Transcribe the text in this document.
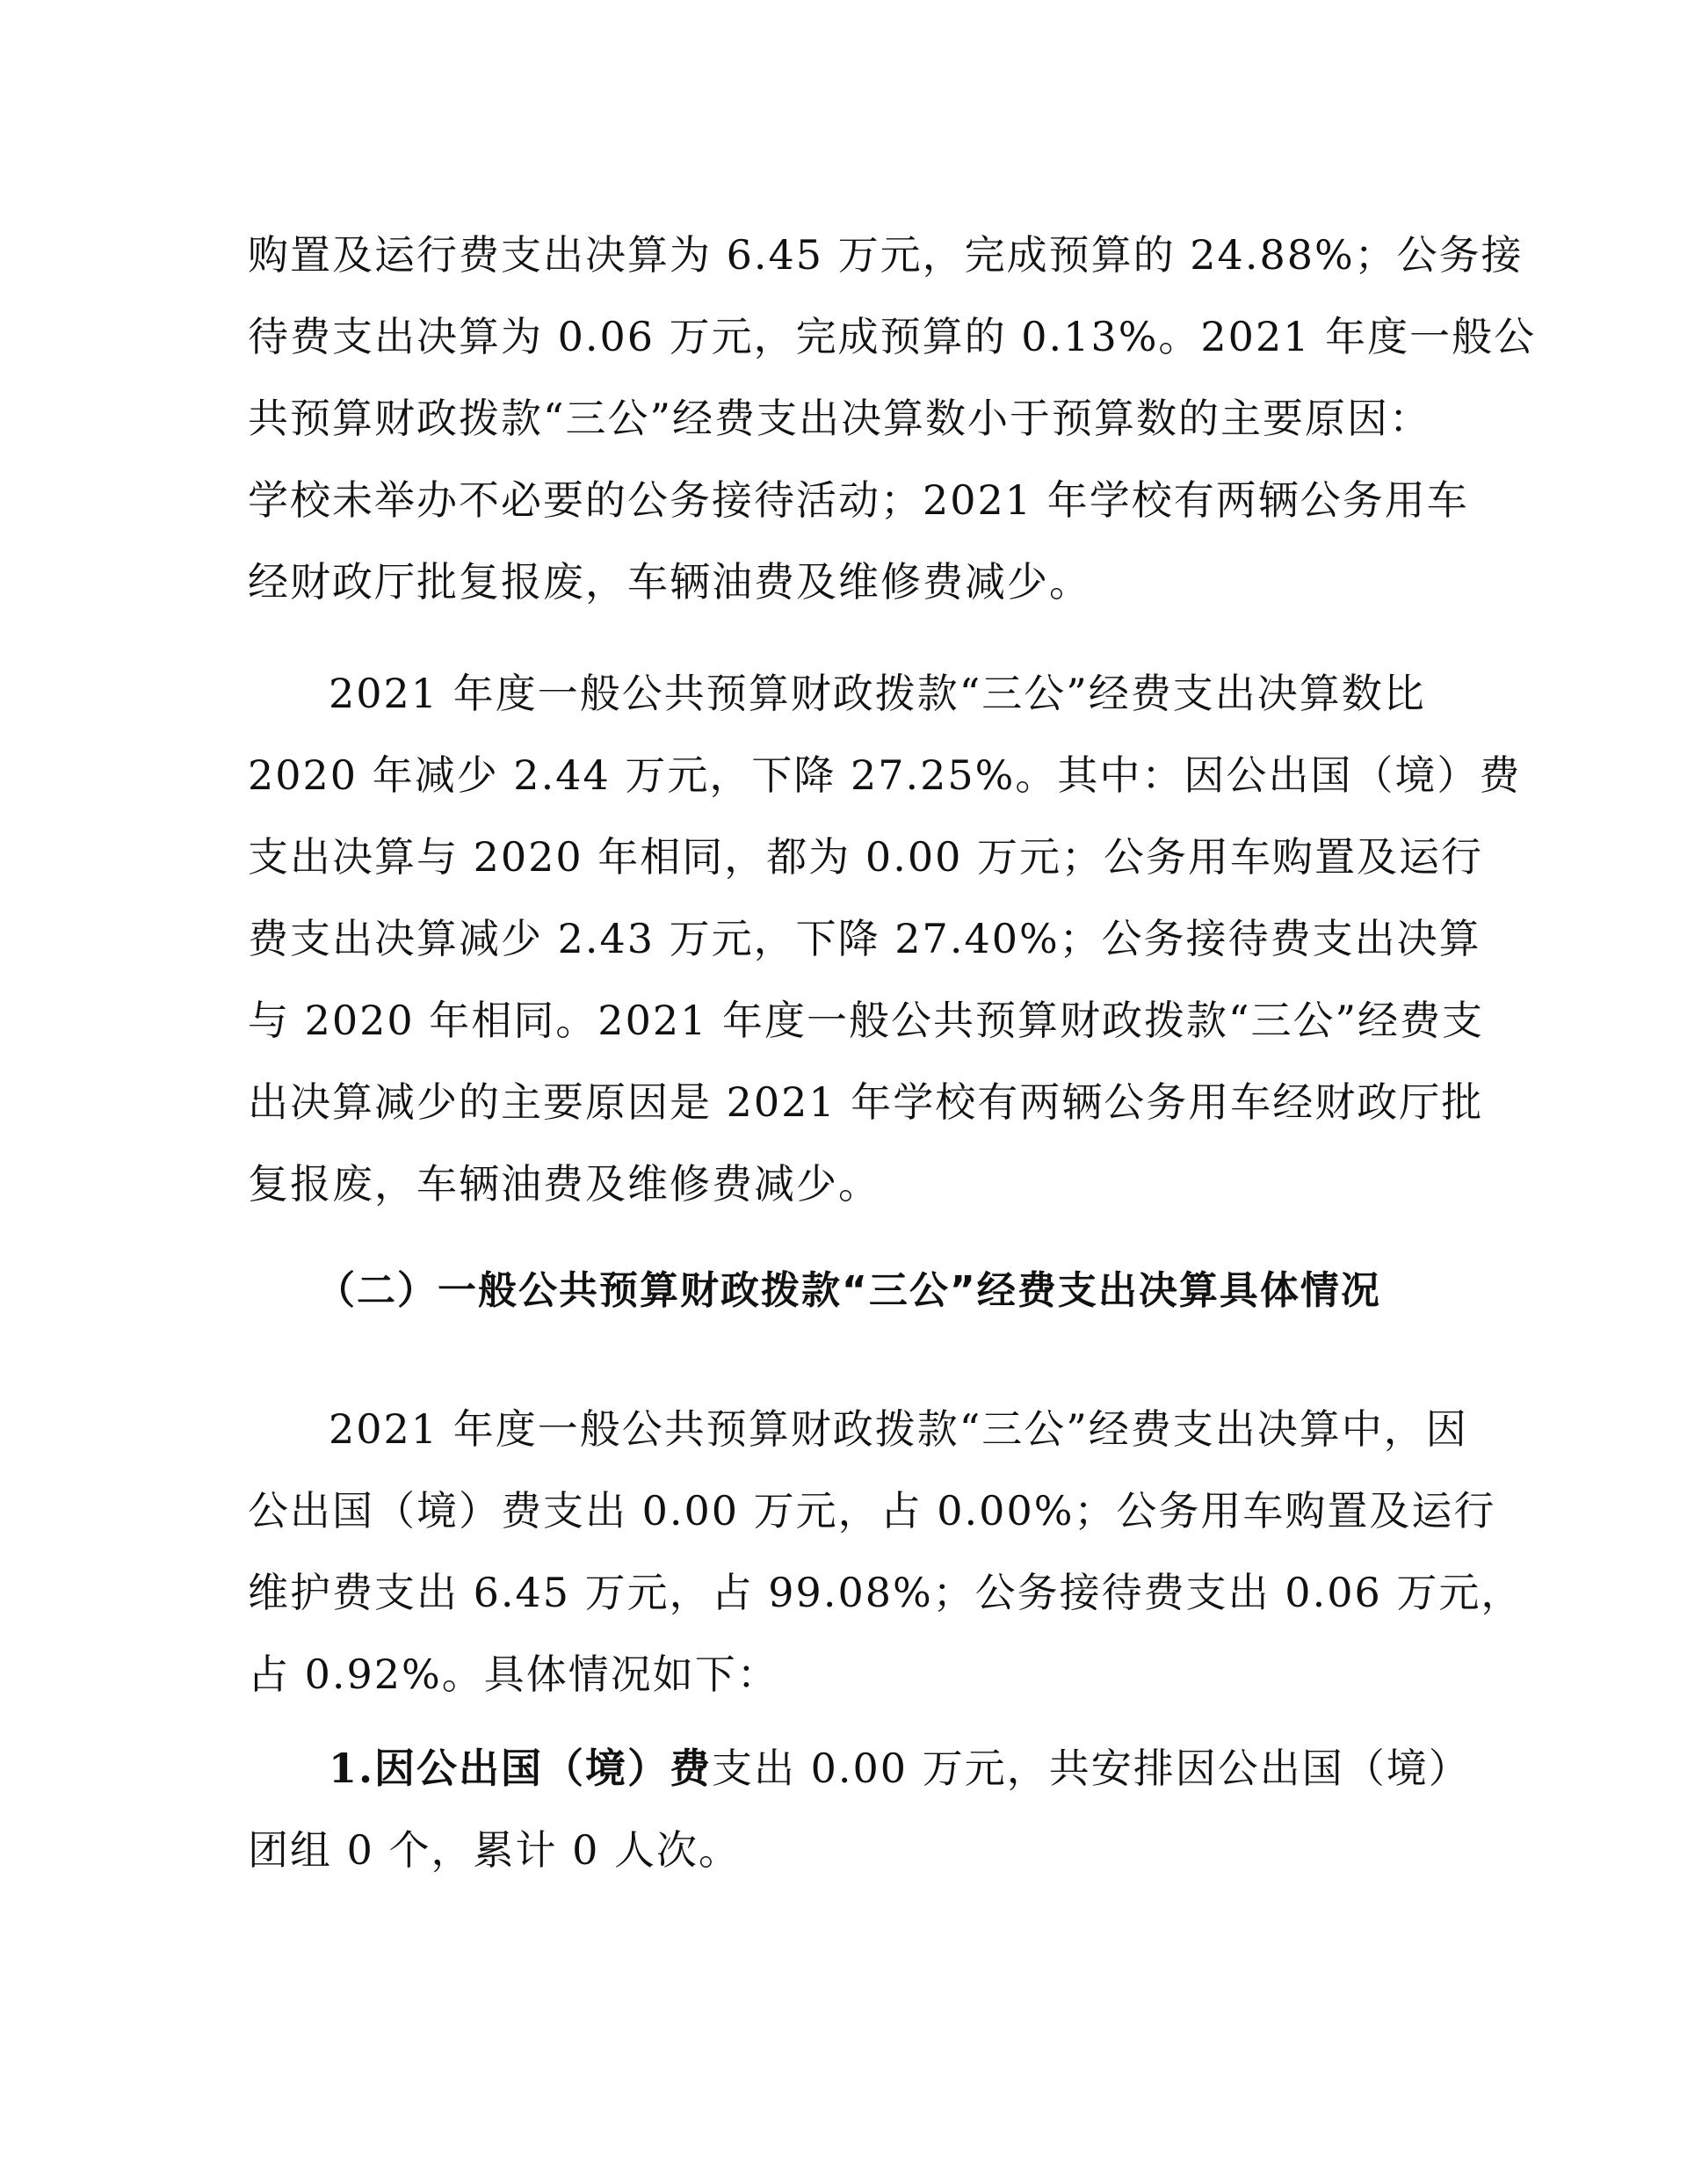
购置及运行费支出决算为 6.45 万元，完成预算的 24.88%；公务接
待费支出决算为 0.06 万元，完成预算的 0.13%。2021 年度一般公
共预算财政拨款“三公”经费支出决算数小于预算数的主要原因：
学校未举办不必要的公务接待活动；2021 年学校有两辆公务用车
经财政厅批复报废，车辆油费及维修费减少。
2021 年度一般公共预算财政拨款“三公”经费支出决算数比
2020 年减少 2.44 万元，下降 27.25%。其中：因公出国（境）费
支出决算与 2020 年相同，都为 0.00 万元；公务用车购置及运行
费支出决算减少 2.43 万元，下降 27.40%；公务接待费支出决算
与 2020 年相同。2021 年度一般公共预算财政拨款“三公”经费支
出决算减少的主要原因是 2021 年学校有两辆公务用车经财政厅批
复报废，车辆油费及维修费减少。
（二）一般公共预算财政拨款“三公”经费支出决算具体情况
2021 年度一般公共预算财政拨款“三公”经费支出决算中，因
公出国（境）费支出 0.00 万元，占 0.00%；公务用车购置及运行
维护费支出 6.45 万元，占 99.08%；公务接待费支出 0.06 万元，
占 0.92%。具体情况如下：
1.因公出国（境）费支出 0.00 万元，共安排因公出国（境）
团组 0 个，累计 0 人次。
